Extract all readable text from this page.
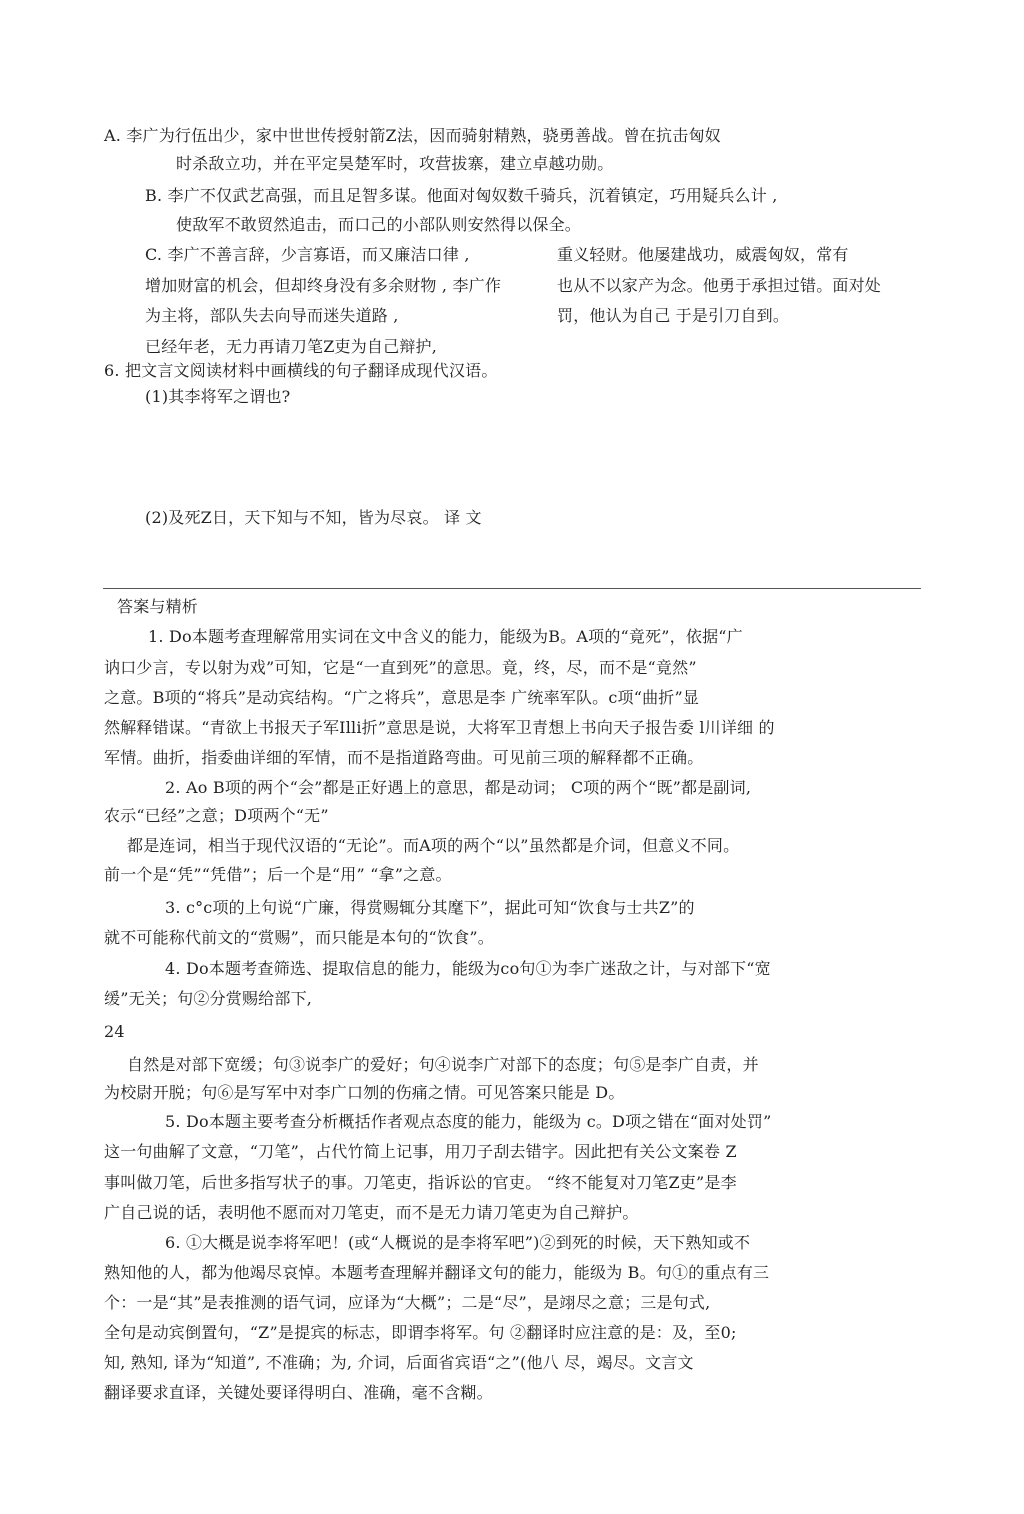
A. 李广为行伍出少，家中世世传授射箭Z法，因而骑射精熟，骁勇善战。曾在抗击匈奴
时杀敌立功，并在平定昊楚军时，攻营拔寨，建立卓越功勋。
B. 李广不仅武艺高强，而且足智多谋。他面对匈奴数千骑兵，沉着镇定，巧用疑兵么计 ,
使敌军不敢贸然追击，而口己的小部队则安然得以保全。
C. 李广不善言辞，少言寡语，而又廉洁口律 ,
增加财富的机会，但却终身没有多余财物 , 李广作
为主将，部队失去向导而迷失道路 ,
已经年老，无力再请刀笔Z吏为自己辩护,
重义轻财。他屡建战功，威震匈奴，常有
也从不以家产为念。他勇于承担过错。面对处
罚，他认为自己 于是引刀自到。
6. 把文言文阅读材料中画横线的句子翻译成现代汉语。
(1)其李将军之谓也?
(2)及死Z日，天下知与不知，皆为尽哀。 译 文
答案与精析
1. Do本题考查理解常用实词在文中含义的能力，能级为B。A项的“竟死”，依据“广
讷口少言，专以射为戏”可知，它是“一直到死”的意思。竟，终，尽，而不是“竟然”
之意。B项的“将兵”是动宾结构。“广之将兵”，意思是李 广统率军队。c项“曲折”显
然解释错谋。“青欲上书报天子军Illi折”意思是说，大将军卫青想上书向天子报告委 l川详细 的
军情。曲折，指委曲详细的军情，而不是指道路弯曲。可见前三项的解释都不正确。
2. Ao B项的两个“会”都是正好遇上的意思，都是动词； C项的两个“既”都是副词,
农示“已经”之意；D项两个“无”
都是连词，相当于现代汉语的“无论”。而A项的两个“以”虽然都是介词，但意义不同。
前一个是“凭”“凭借”；后一个是“用” “拿”之意。
3. c°c项的上句说“广廉，得赏赐辄分其麾下”，据此可知“饮食与士共Z”的
就不可能称代前文的“赏赐”，而只能是本句的“饮食”。
4. Do本题考查筛选、提取信息的能力，能级为co句①为李广迷敌之计，与对部下“宽
缓”无关；句②分赏赐给部下,
24
自然是对部下宽缓；句③说李广的爱好；句④说李广对部下的态度；句⑤是李广自责，并
为校尉开脱；句⑥是写军中对李广口刎的伤痛之情。可见答案只能是 D。
5. Do本题主要考查分析概括作者观点态度的能力，能级为 c。D项之错在“面对处罚”
这一句曲解了文意，“刀笔”，占代竹简上记事，用刀子刮去错字。因此把有关公文案卷 Z
事叫做刀笔，后世多指写状子的事。刀笔吏，指诉讼的官吏。 “终不能复对刀笔Z吏”是李
广自己说的话，表明他不愿而对刀笔吏，而不是无力请刀笔吏为自己辩护。
6. ①大概是说李将军吧！(或“人概说的是李将军吧”)②到死的时候，天下熟知或不
熟知他的人，都为他竭尽哀悼。本题考查理解并翻译文句的能力，能级为 B。句①的重点有三
个：一是“其”是表推测的语气词，应译为“大概”；二是“尽”，是翊尽之意；三是句式,
全句是动宾倒置句，“Z”是提宾的标志，即谓李将军。句 ②翻译时应注意的是：及，至0;
知, 熟知, 译为“知道”, 不准确；为, 介词，后面省宾语“之”(他八 尽，竭尽。文言文
翻译要求直译，关键处要译得明白、准确，毫不含糊。
